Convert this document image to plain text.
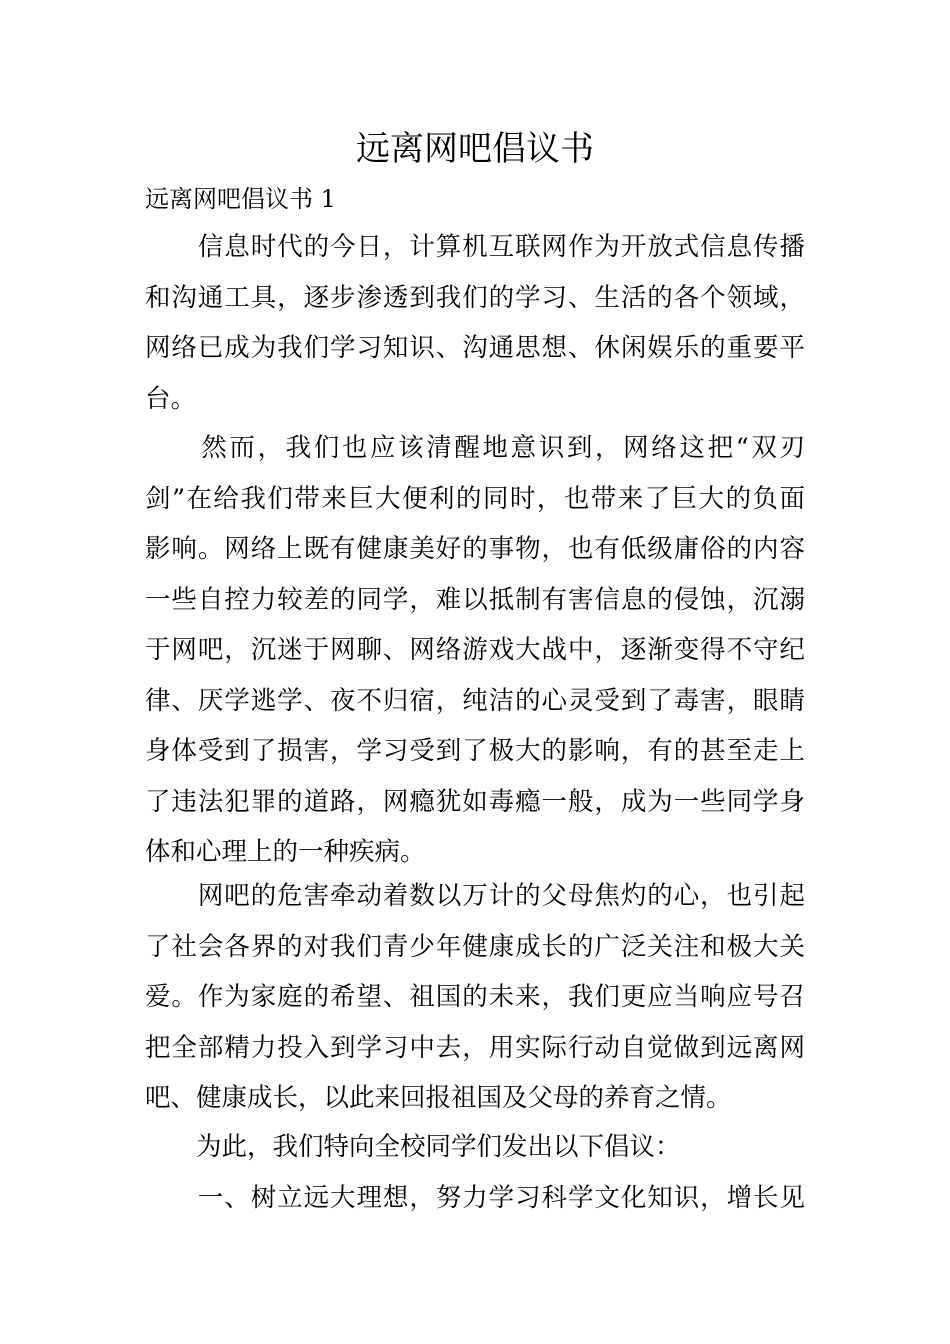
远离网吧倡议书
远离网吧倡议书 1
　　信息时代的今日，计算机互联网作为开放式信息传播
和沟通工具，逐步渗透到我们的学习、生活的各个领域，
网络已成为我们学习知识、沟通思想、休闲娱乐的重要平
台。
　　然而，我们也应该清醒地意识到，网络这把“双刃
剑”在给我们带来巨大便利的同时，也带来了巨大的负面
影响。网络上既有健康美好的事物，也有低级庸俗的内容
一些自控力较差的同学，难以抵制有害信息的侵蚀，沉溺
于网吧，沉迷于网聊、网络游戏大战中，逐渐变得不守纪
律、厌学逃学、夜不归宿，纯洁的心灵受到了毒害，眼睛
身体受到了损害，学习受到了极大的影响，有的甚至走上
了违法犯罪的道路，网瘾犹如毒瘾一般，成为一些同学身
体和心理上的一种疾病。
　　网吧的危害牵动着数以万计的父母焦灼的心，也引起
了社会各界的对我们青少年健康成长的广泛关注和极大关
爱。作为家庭的希望、祖国的未来，我们更应当响应号召
把全部精力投入到学习中去，用实际行动自觉做到远离网
吧、健康成长，以此来回报祖国及父母的养育之情。
　　为此，我们特向全校同学们发出以下倡议：
　　一、树立远大理想，努力学习科学文化知识，增长见
